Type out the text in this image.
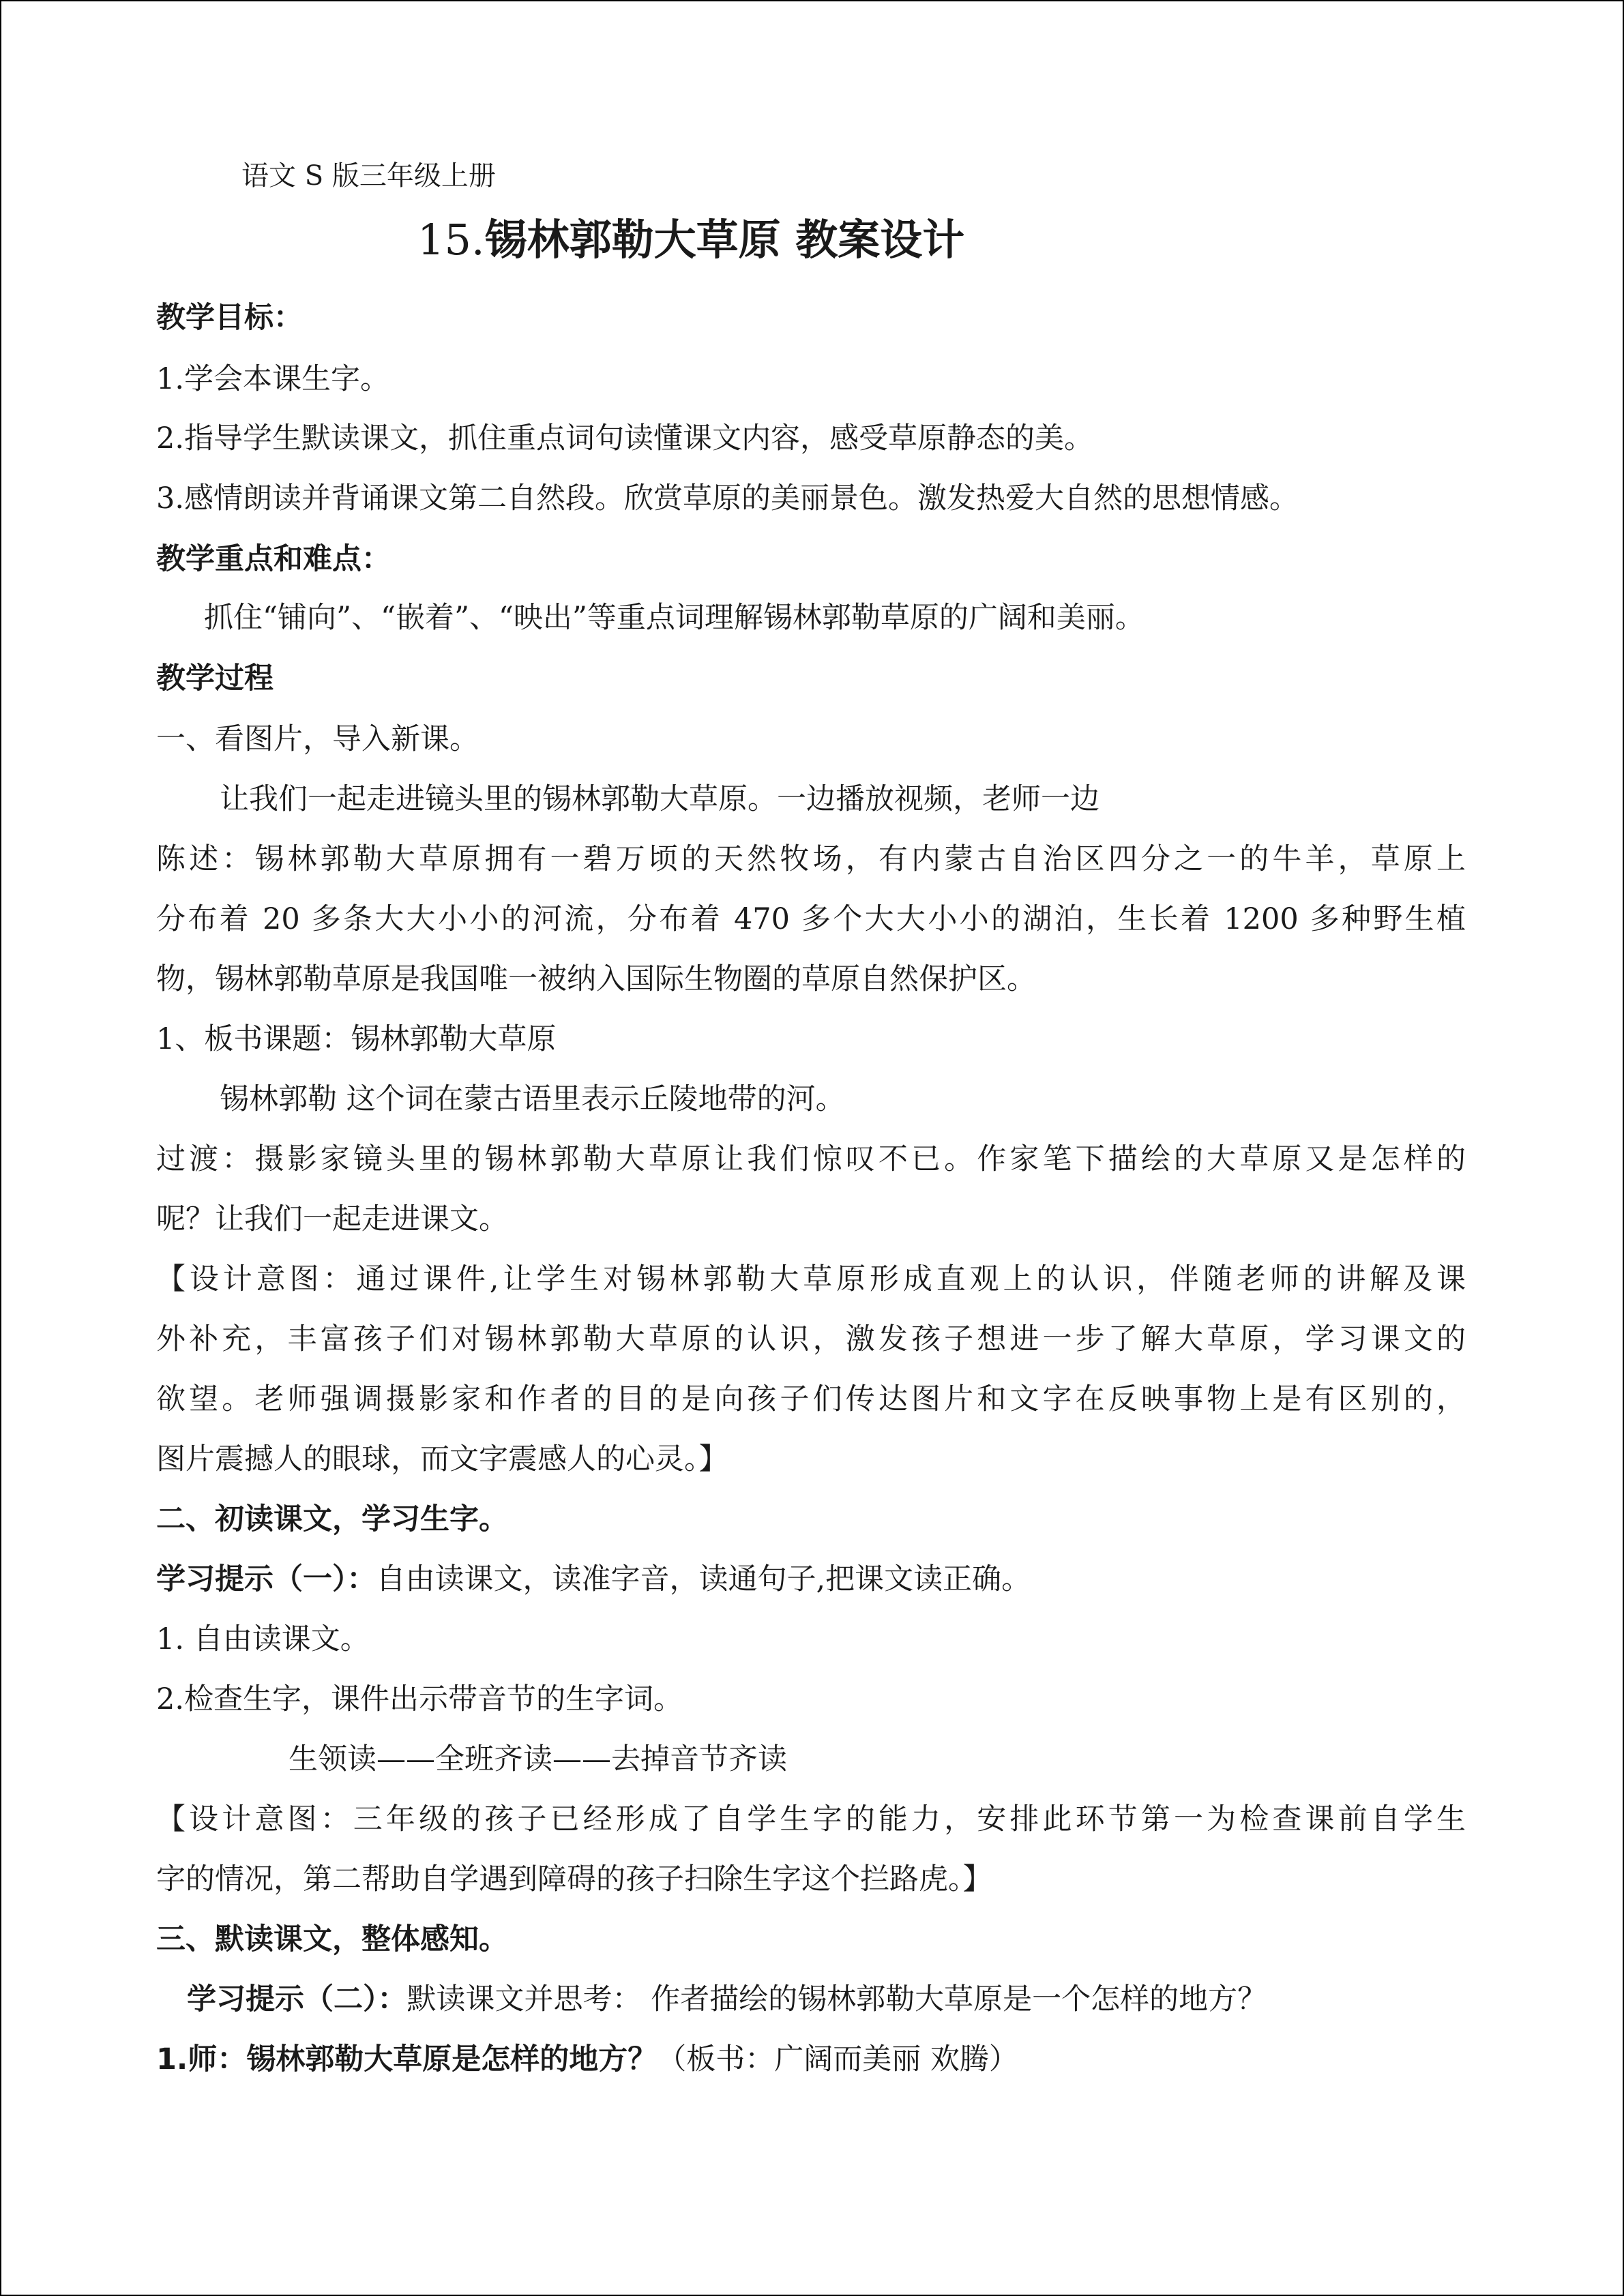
语文 S 版三年级上册
15.锡林郭勒大草原 教案设计
教学目标：
1.学会本课生字。
2.指导学生默读课文，抓住重点词句读懂课文内容，感受草原静态的美。
3.感情朗读并背诵课文第二自然段。欣赏草原的美丽景色。激发热爱大自然的思想情感。
教学重点和难点：
抓住“铺向”、“嵌着”、“映出”等重点词理解锡林郭勒草原的广阔和美丽。
教学过程
一、看图片，导入新课。
让我们一起走进镜头里的锡林郭勒大草原。一边播放视频，老师一边
陈述：锡林郭勒大草原拥有一碧万顷的天然牧场，有内蒙古自治区四分之一的牛羊，草原上
分布着 20 多条大大小小的河流，分布着 470 多个大大小小的湖泊，生长着 1200 多种野生植
物，锡林郭勒草原是我国唯一被纳入国际生物圈的草原自然保护区。
1、板书课题：锡林郭勒大草原
锡林郭勒 这个词在蒙古语里表示丘陵地带的河。
过渡：摄影家镜头里的锡林郭勒大草原让我们惊叹不已。作家笔下描绘的大草原又是怎样的
呢？让我们一起走进课文。
【设计意图：通过课件,让学生对锡林郭勒大草原形成直观上的认识，伴随老师的讲解及课
外补充，丰富孩子们对锡林郭勒大草原的认识，激发孩子想进一步了解大草原，学习课文的
欲望。老师强调摄影家和作者的目的是向孩子们传达图片和文字在反映事物上是有区别的，
图片震撼人的眼球，而文字震感人的心灵。】
二、初读课文，学习生字。
学习提示（一）：自由读课文，读准字音，读通句子,把课文读正确。
1. 自由读课文。
2.检查生字，课件出示带音节的生字词。
生领读——全班齐读——去掉音节齐读
【设计意图：三年级的孩子已经形成了自学生字的能力，安排此环节第一为检查课前自学生
字的情况，第二帮助自学遇到障碍的孩子扫除生字这个拦路虎。】
三、默读课文，整体感知。
学习提示（二）：默读课文并思考： 作者描绘的锡林郭勒大草原是一个怎样的地方？
1.师：锡林郭勒大草原是怎样的地方？（板书：广阔而美丽 欢腾）
